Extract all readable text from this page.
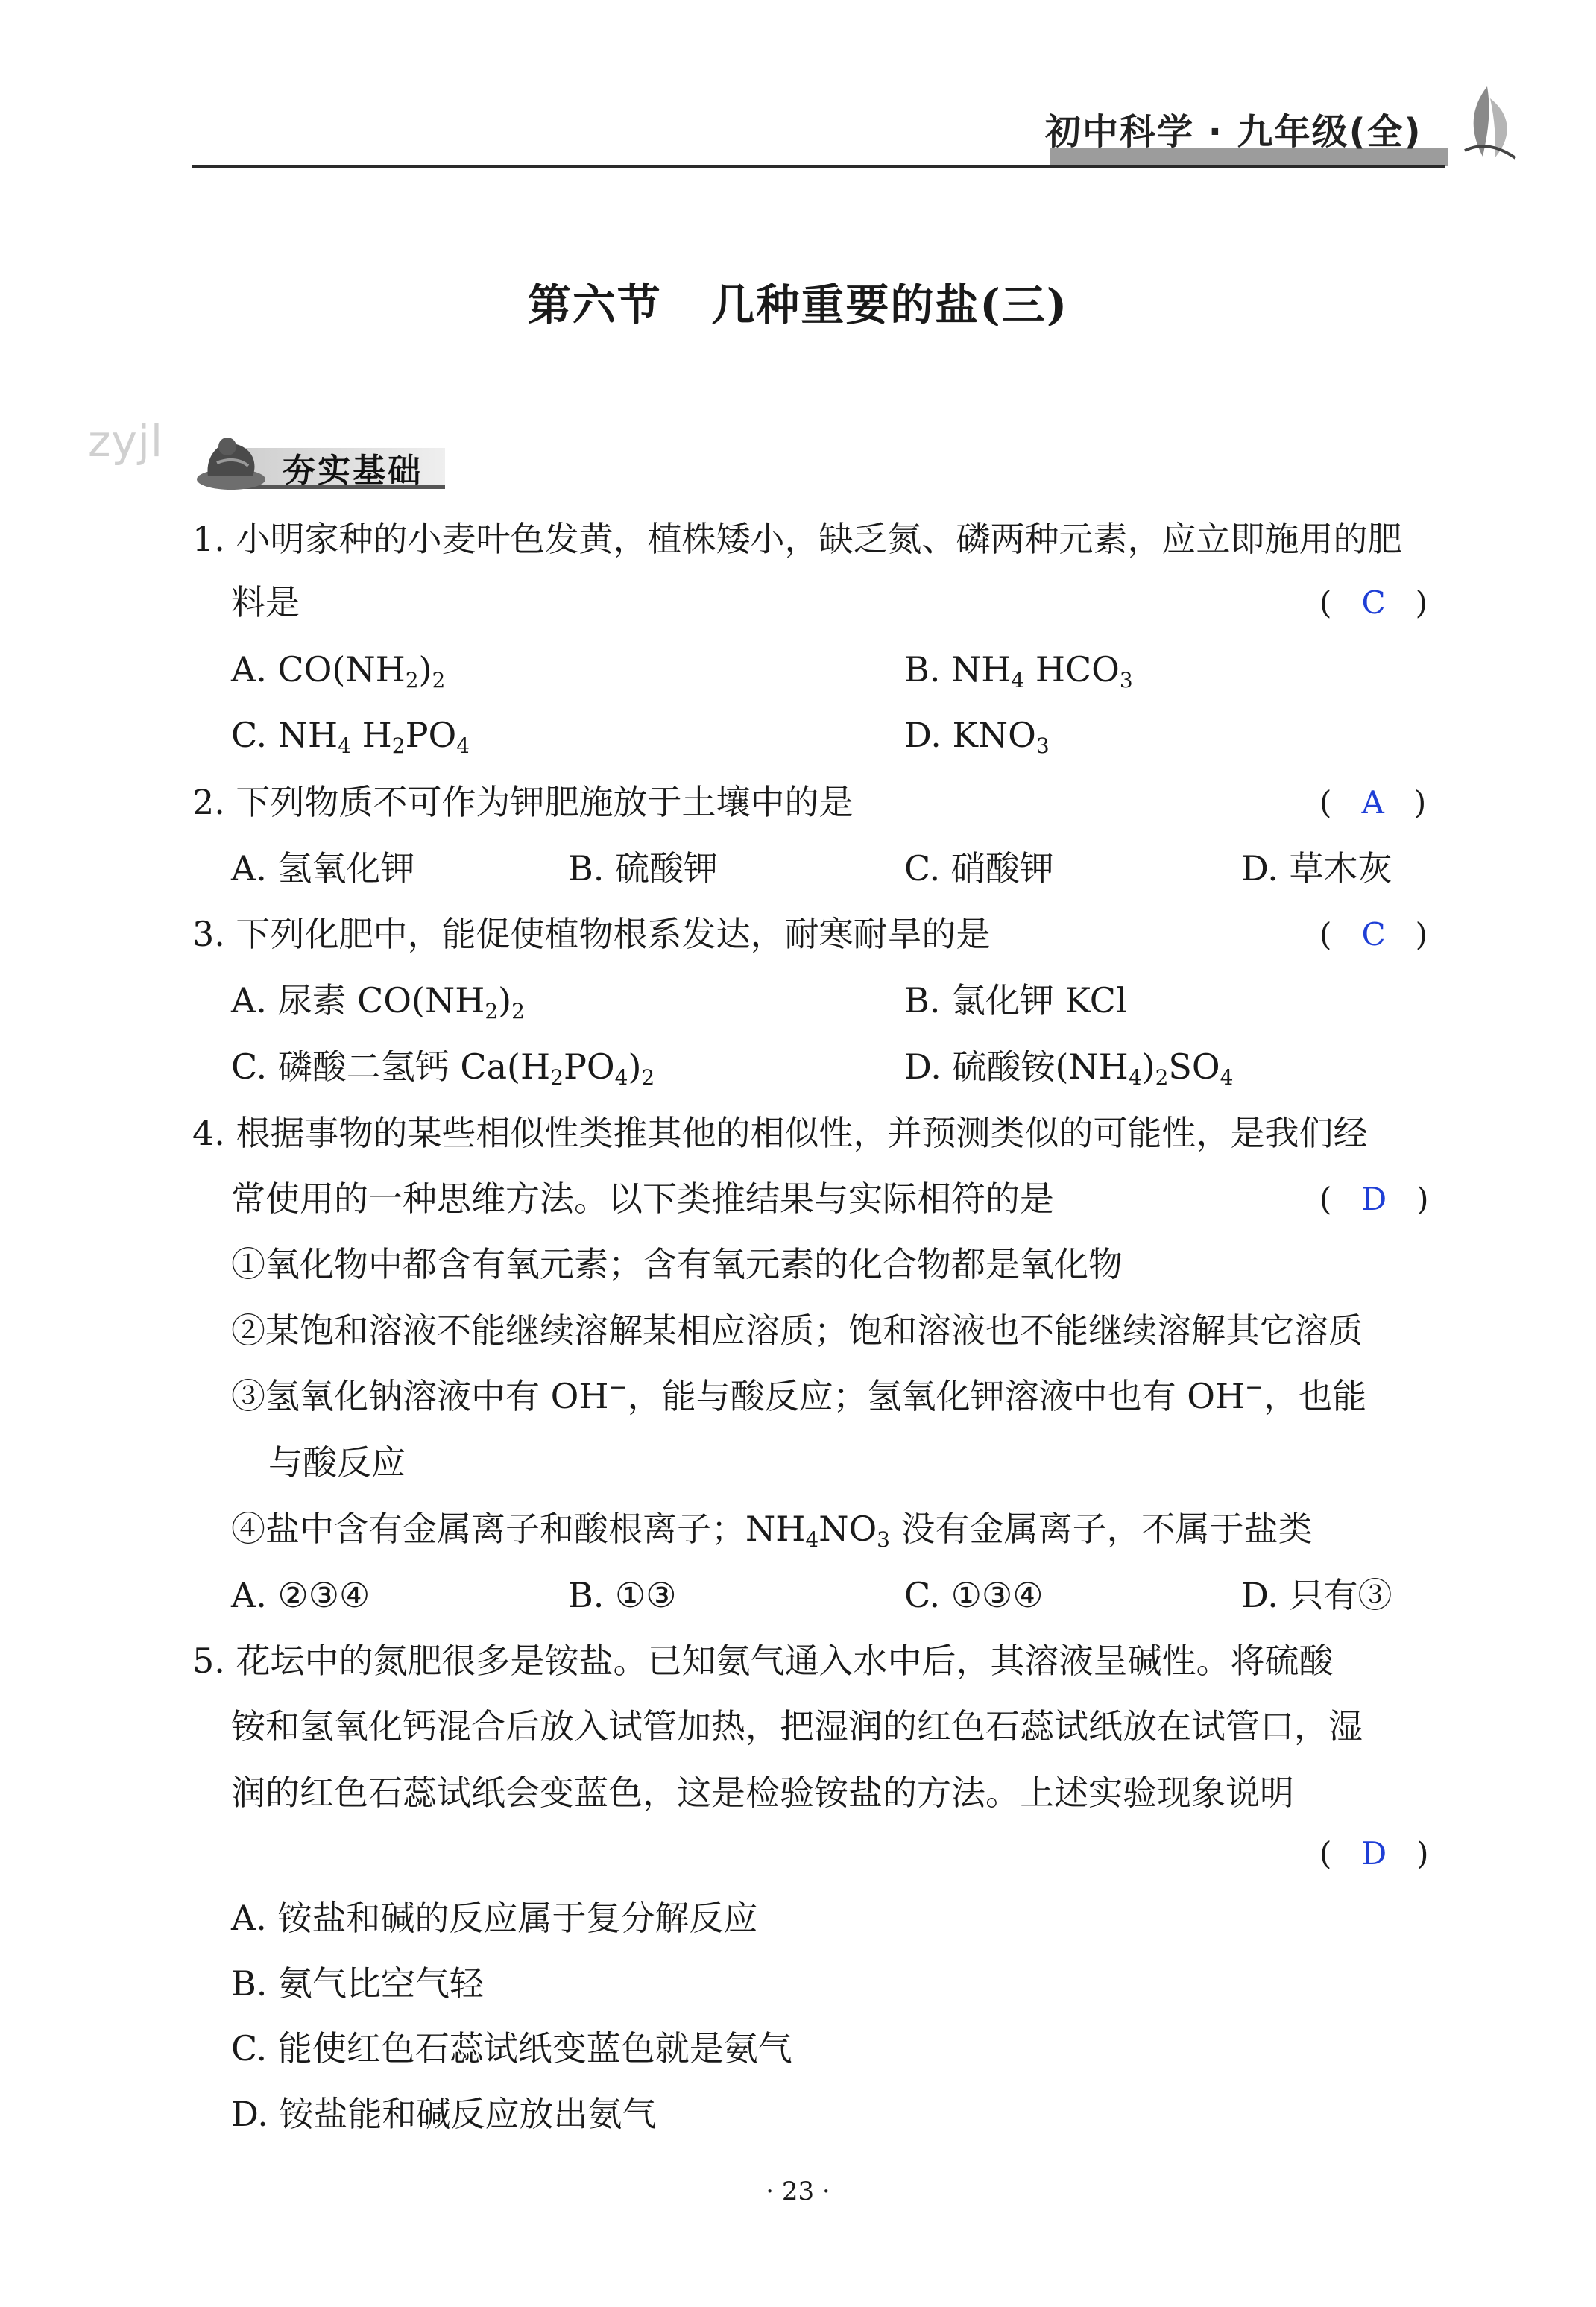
初中科学 · 九年级(全)
第六节   几种重要的盐(三)
zyjl
夯实基础
1. 小明家种的小麦叶色发黄，植株矮小，缺乏氮、磷两种元素，应立即施用的肥
料是	(   C   )
A. $CO(NH_2)_2$	B. $NH_4$ $HCO_3$
C. $NH_4$ $H_2PO_4$	D. $KNO_3$
2. 下列物质不可作为钾肥施放于土壤中的是	(   A   )
A. 氢氧化钾	B. 硫酸钾	C. 硝酸钾	D. 草木灰
3. 下列化肥中，能促使植物根系发达，耐寒耐旱的是	(   C   )
A. 尿素 $CO(NH_2)_2$	B. 氯化钾 KCl
C. 磷酸二氢钙 $Ca(H_2PO_4)_2$	D. 硫酸铵$(NH_4)_2SO_4$
4. 根据事物的某些相似性类推其他的相似性，并预测类似的可能性，是我们经
常使用的一种思维方法。以下类推结果与实际相符的是	(   D   )
①氧化物中都含有氧元素；含有氧元素的化合物都是氧化物
②某饱和溶液不能继续溶解某相应溶质；饱和溶液也不能继续溶解其它溶质
③氢氧化钠溶液中有 OH−，能与酸反应；氢氧化钾溶液中也有 OH−，也能
与酸反应
④盐中含有金属离子和酸根离子；$NH_4NO_3$ 没有金属离子，不属于盐类
A. ②③④	B. ①③	C. ①③④	D. 只有③
5. 花坛中的氮肥很多是铵盐。已知氨气通入水中后，其溶液呈碱性。将硫酸
铵和氢氧化钙混合后放入试管加热，把湿润的红色石蕊试纸放在试管口，湿
润的红色石蕊试纸会变蓝色，这是检验铵盐的方法。上述实验现象说明
(   D   )
A. 铵盐和碱的反应属于复分解反应
B. 氨气比空气轻
C. 能使红色石蕊试纸变蓝色就是氨气
D. 铵盐能和碱反应放出氨气
· 23 ·
